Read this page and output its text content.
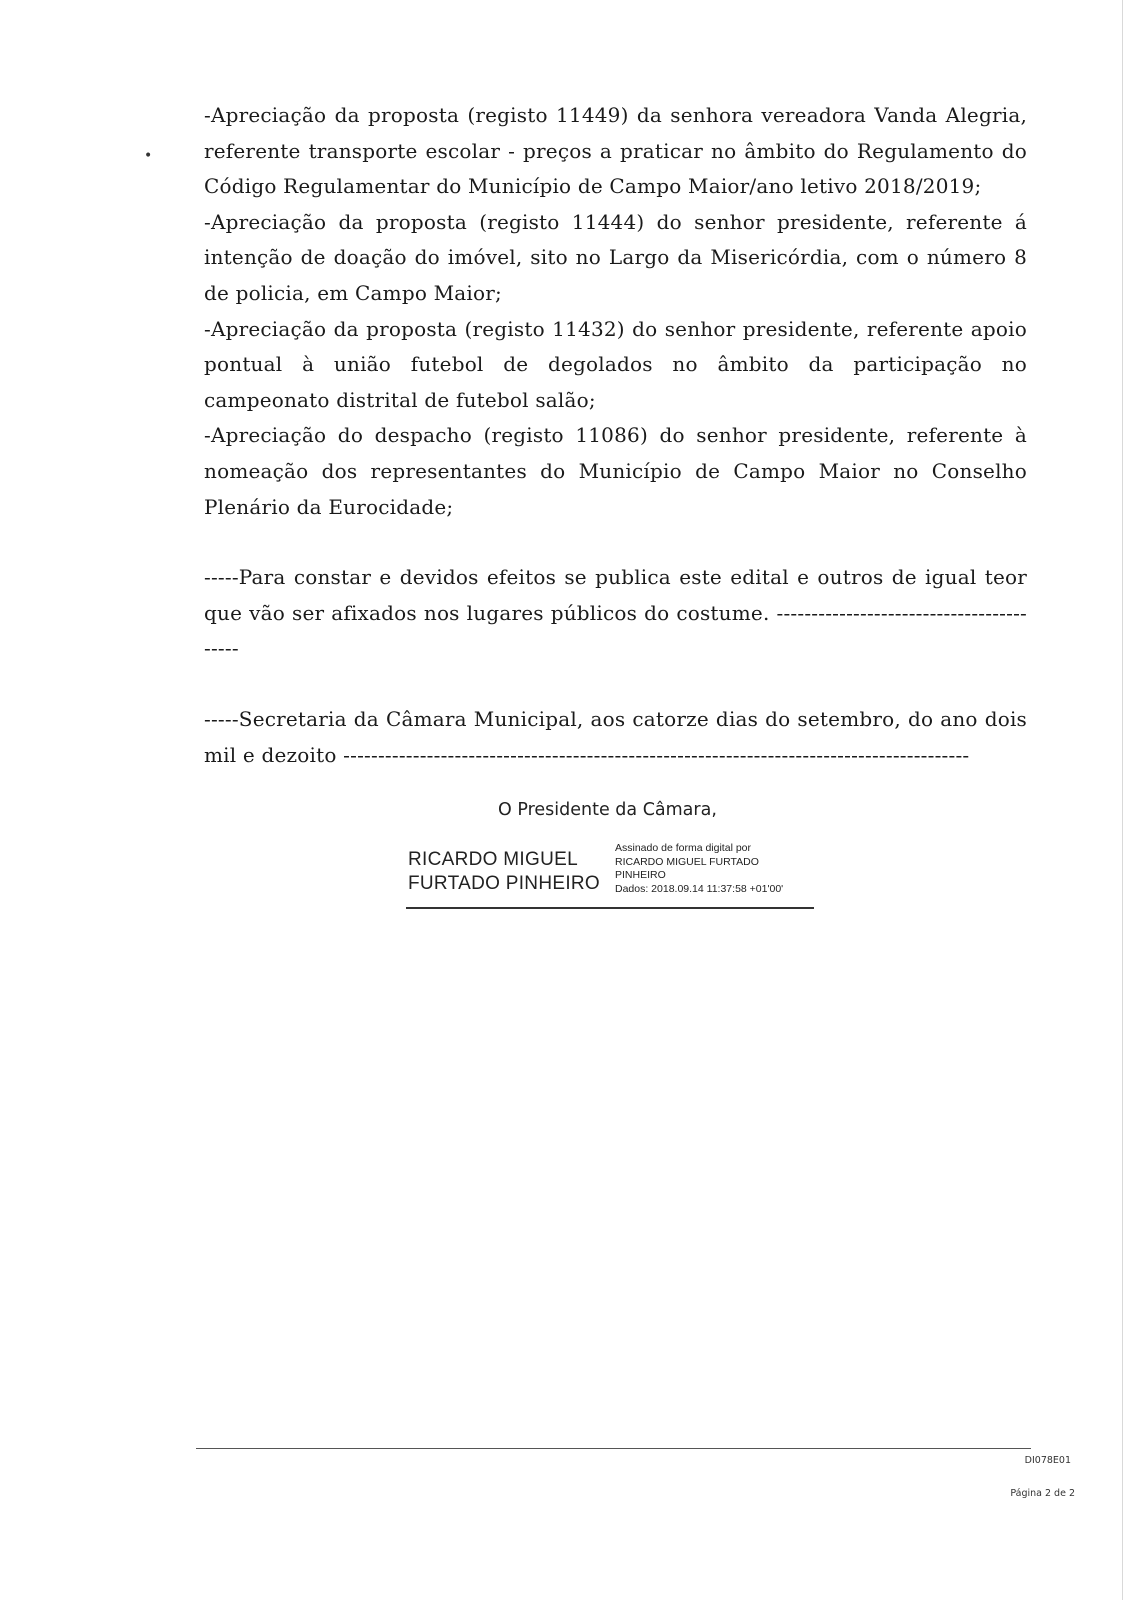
•

-Apreciação da proposta (registo 11449) da senhora vereadora Vanda Alegria, referente transporte escolar - preços a praticar no âmbito do Regulamento do Código Regulamentar do Município de Campo Maior/ano letivo 2018/2019;

-Apreciação da proposta (registo 11444) do senhor presidente, referente á intenção de doação do imóvel, sito no Largo da Misericórdia, com o número 8 de policia, em Campo Maior;

-Apreciação da proposta (registo 11432) do senhor presidente, referente apoio pontual à união futebol de degolados no âmbito da participação no campeonato distrital de futebol salão;

-Apreciação do despacho (registo 11086) do senhor presidente, referente à nomeação dos representantes do Município de Campo Maior no Conselho Plenário da Eurocidade;

-----Para constar e devidos efeitos se publica este edital e outros de igual teor que vão ser afixados nos lugares públicos do costume. -----------------------------------------

-----Secretaria da Câmara Municipal, aos catorze dias do setembro, do ano dois mil e dezoito ------------------------------------------------------------------------------------------

O Presidente da Câmara,
RICARDO MIGUEL
FURTADO PINHEIRO
Assinado de forma digital por
RICARDO MIGUEL FURTADO
PINHEIRO
Dados: 2018.09.14 11:37:58 +01'00'
DI078E01
Página 2 de 2
